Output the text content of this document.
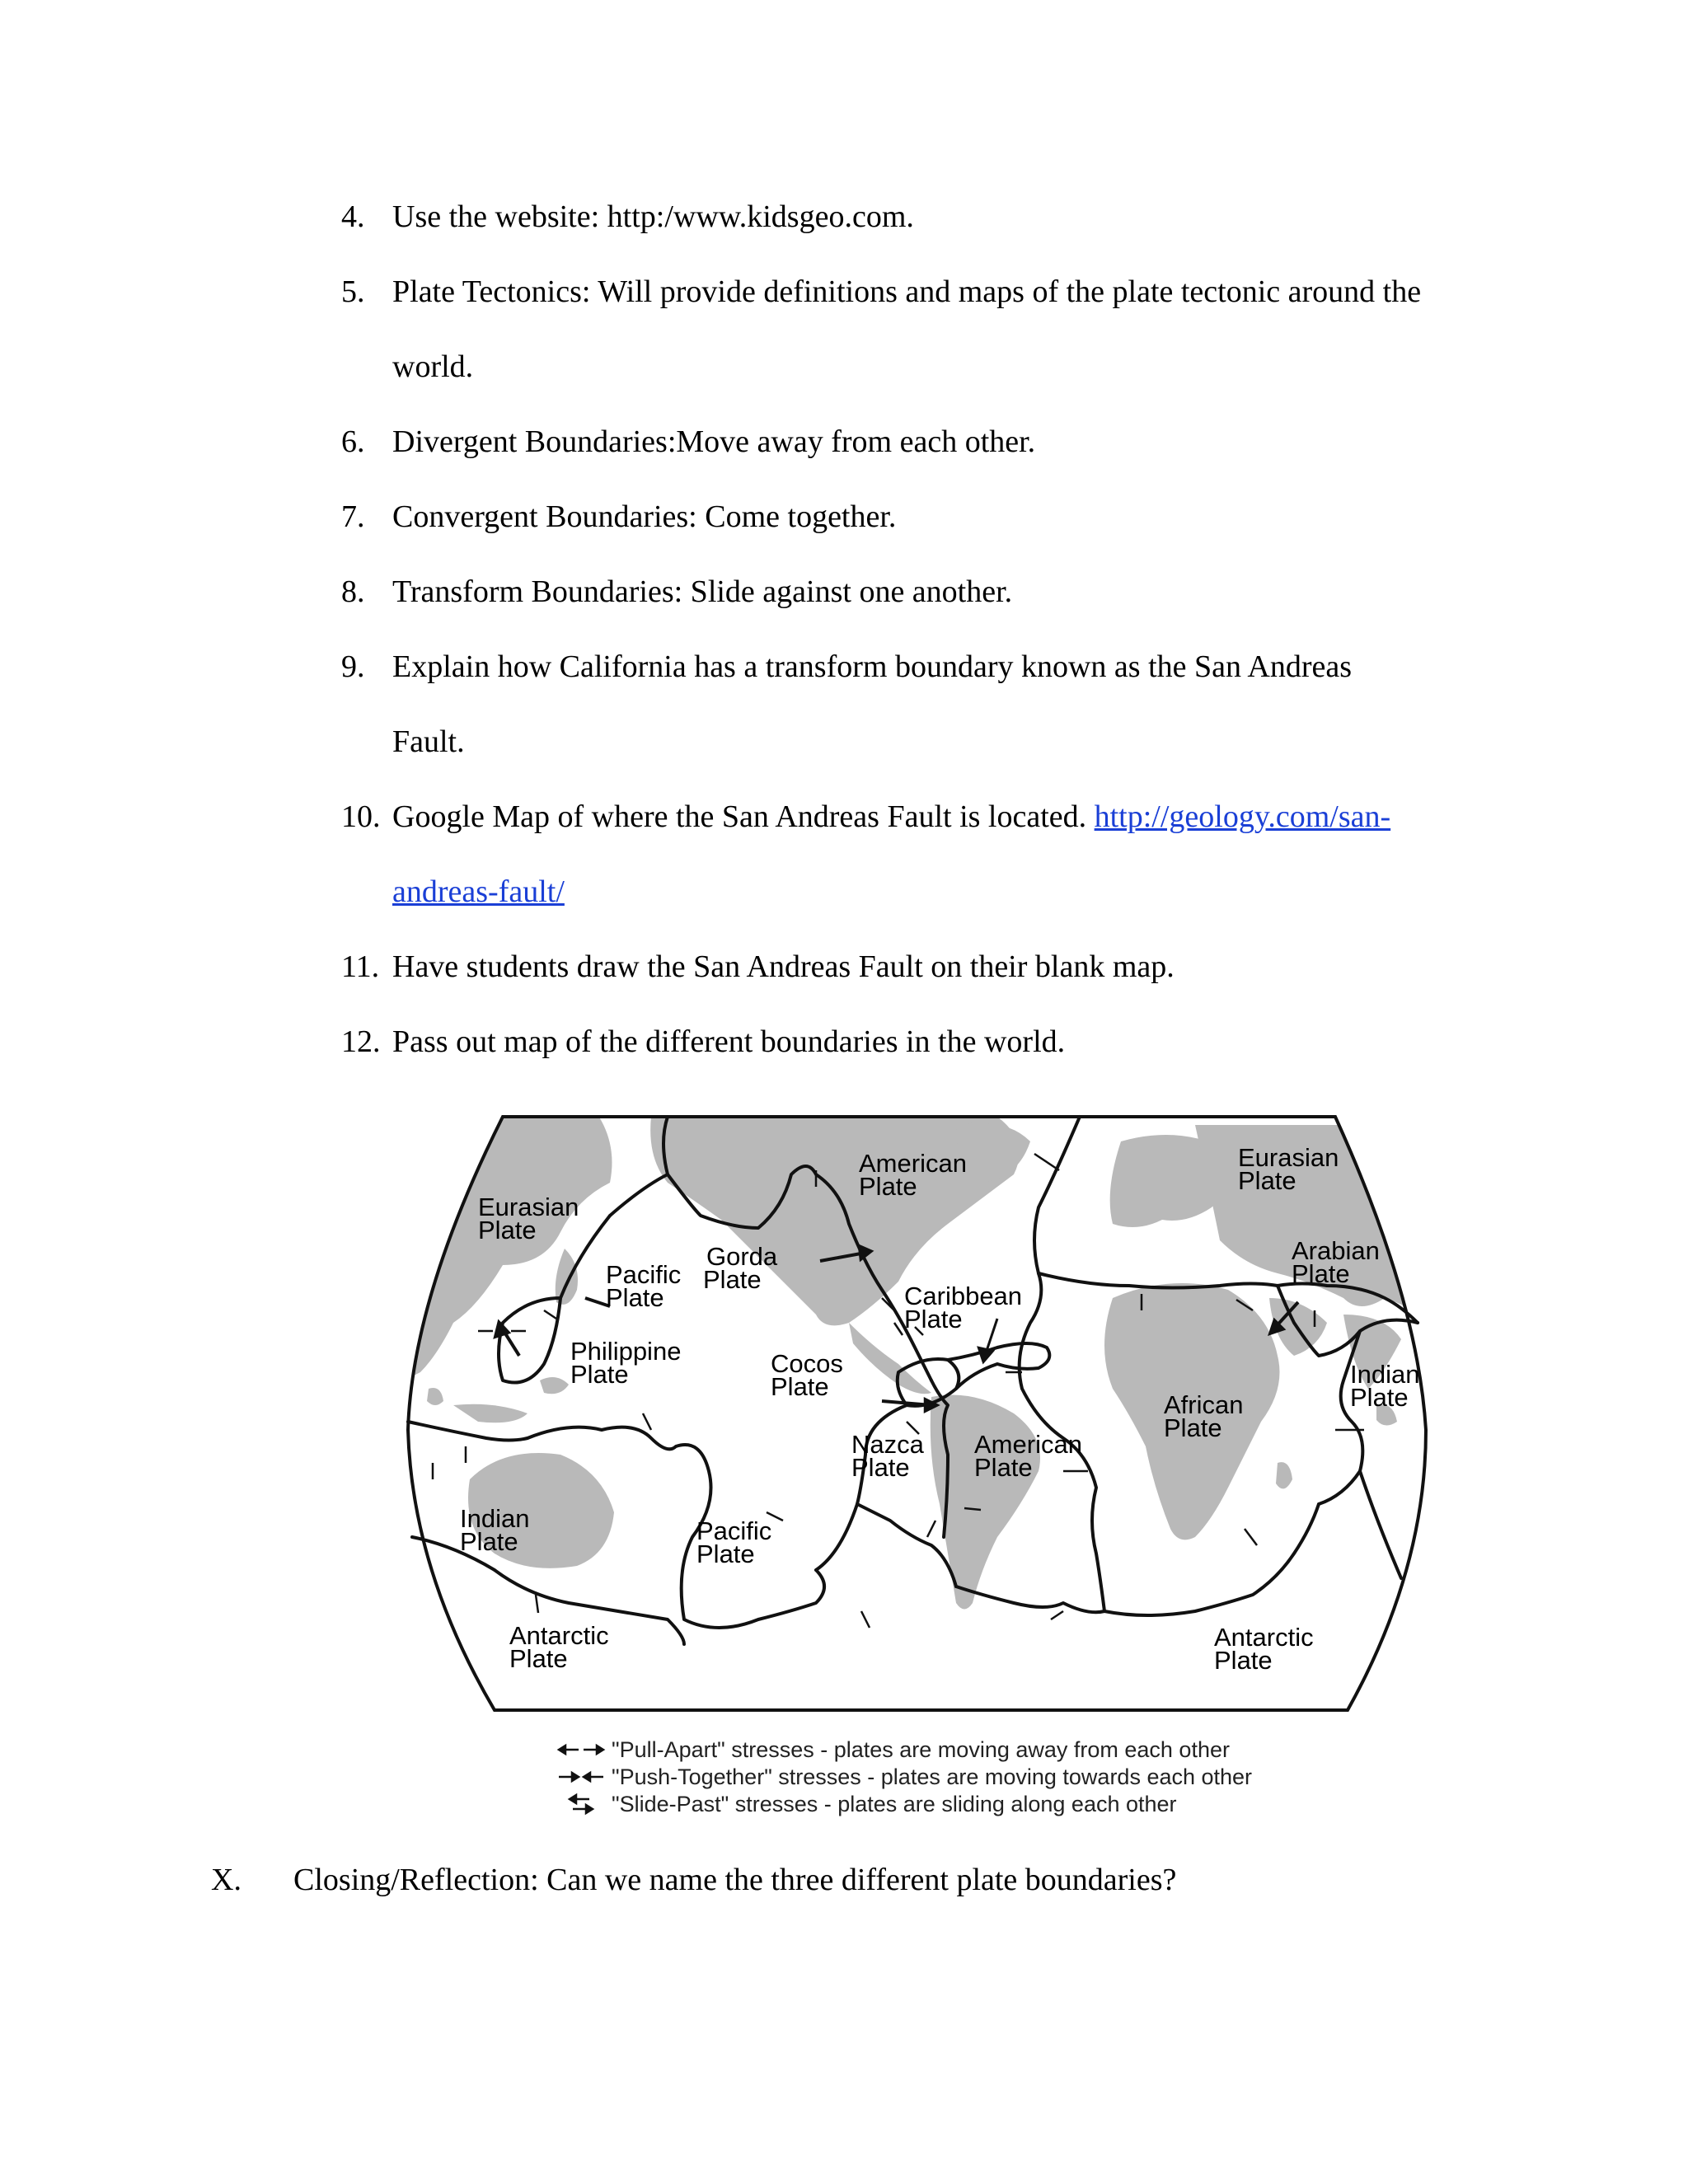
4. Use the website: http:/www.kidsgeo.com.
5. Plate Tectonics: Will provide definitions and maps of the plate tectonic around the
world.
6. Divergent Boundaries:Move away from each other.
7. Convergent Boundaries: Come together.
8. Transform Boundaries: Slide against one another.
9. Explain how California has a transform boundary known as the San Andreas
Fault.
10. Google Map of where the San Andreas Fault is located. http://geology.com/san-
andreas-fault/
11. Have students draw the San Andreas Fault on their blank map.
12. Pass out map of the different boundaries in the world.
Eurasian Plate
Pacific Plate
Gorda Plate
American Plate
Eurasian Plate
Arabian Plate
Caribbean Plate
Philippine Plate	Cocos Plate	Indian Plate
African Plate
Nazca Plate
American Plate
Indian Plate	Pacific Plate
Antarctic Plate
Antarctic Plate
"Pull-Apart" stresses - plates are moving away from each other
"Push-Together" stresses - plates are moving towards each other
"Slide-Past" stresses - plates are sliding along each other
X. Closing/Reflection: Can we name the three different plate boundaries?
